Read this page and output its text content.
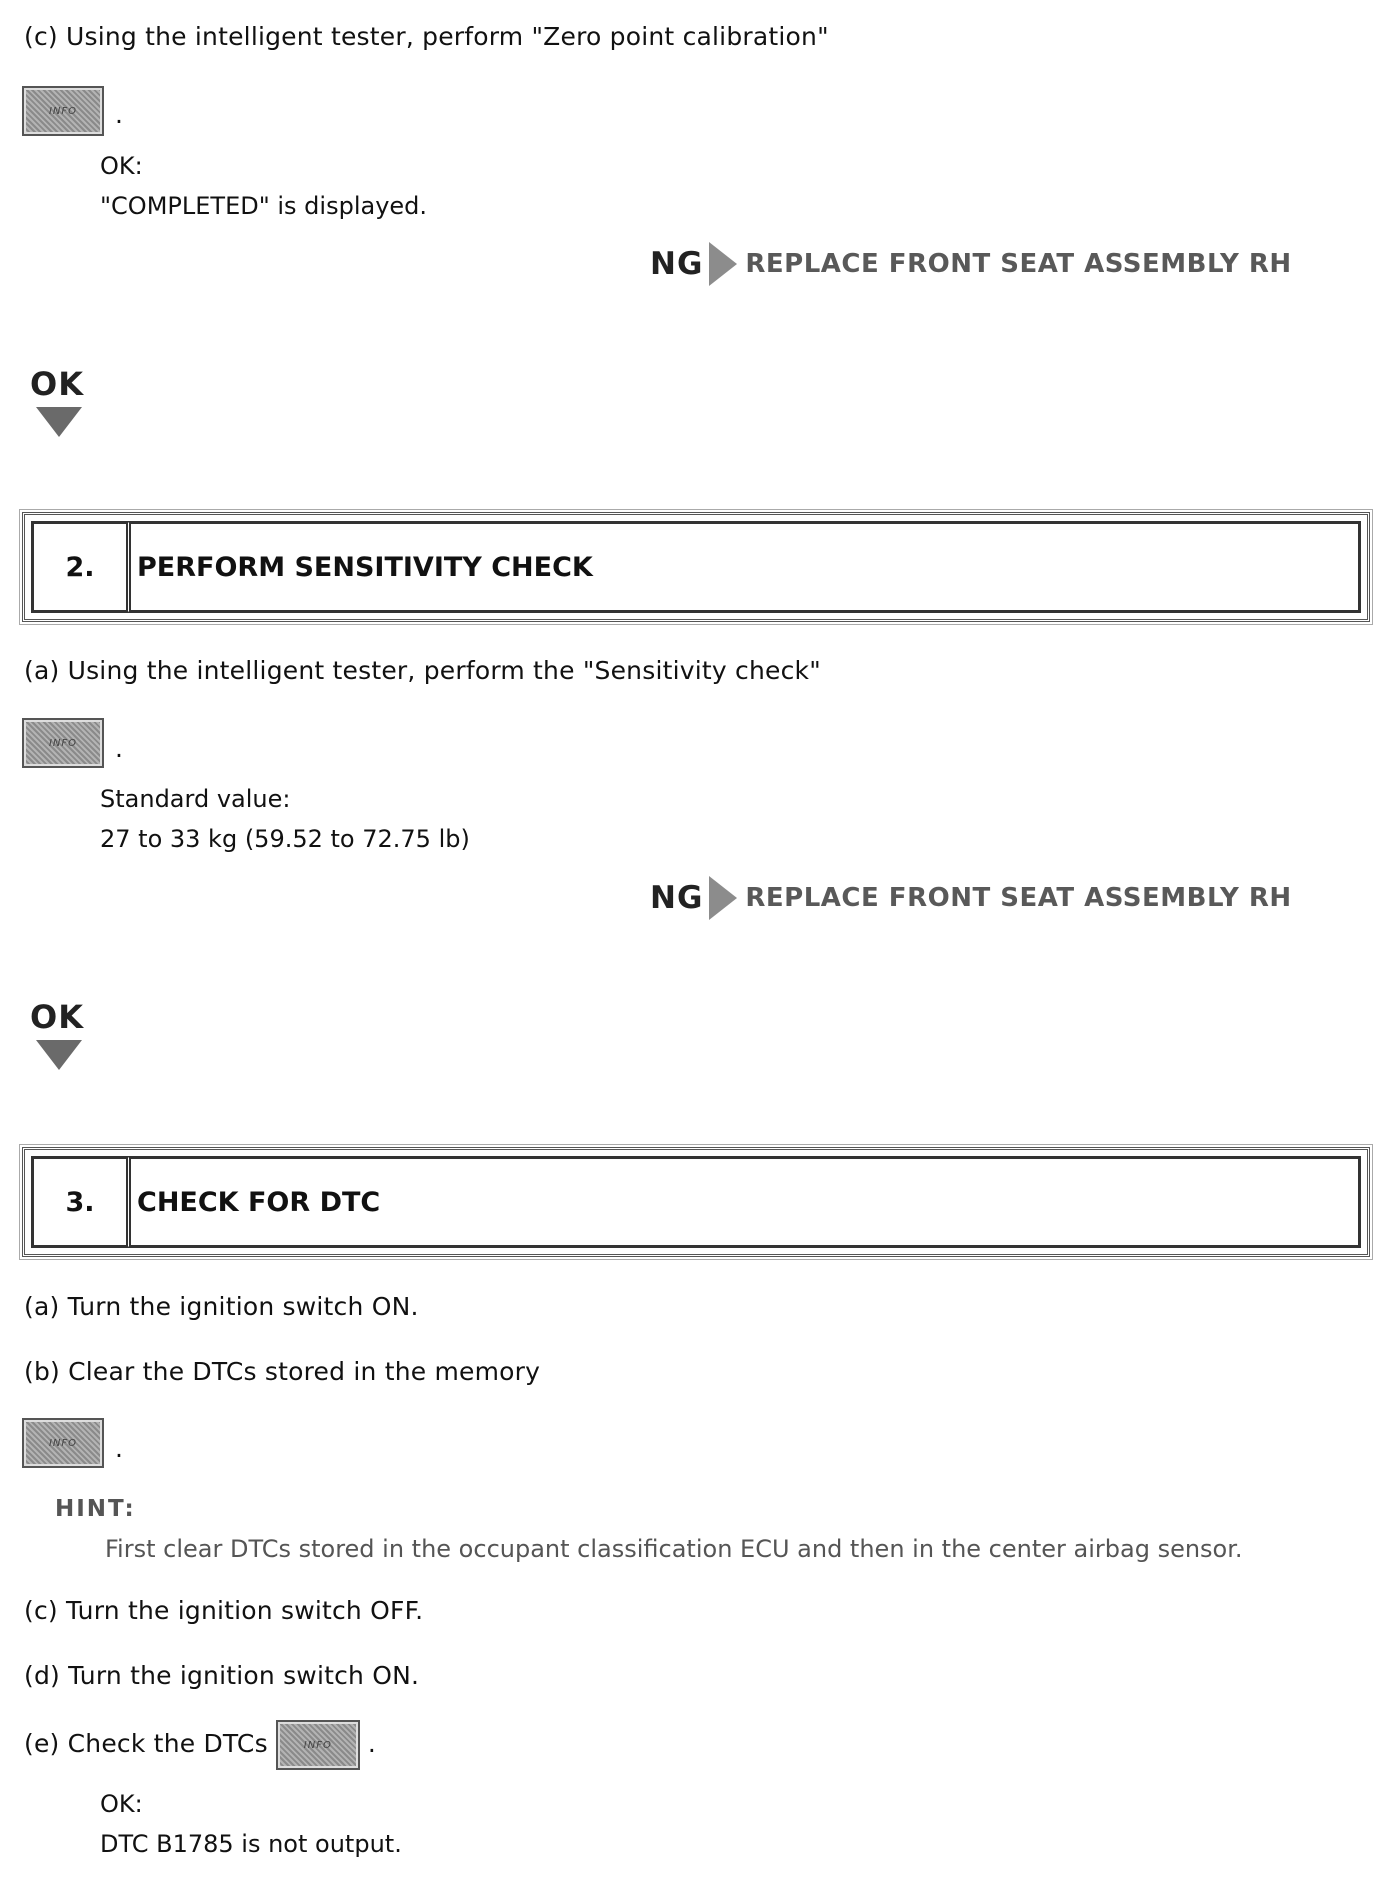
(c) Using the intelligent tester, perform "Zero point calibration"
INFO .
OK:
"COMPLETED" is displayed.
NG REPLACE FRONT SEAT ASSEMBLY RH
OK
2.	PERFORM SENSITIVITY CHECK
(a) Using the intelligent tester, perform the "Sensitivity check"
INFO .
Standard value:
27 to 33 kg (59.52 to 72.75 lb)
NG REPLACE FRONT SEAT ASSEMBLY RH
OK
3.	CHECK FOR DTC
(a) Turn the ignition switch ON.
(b) Clear the DTCs stored in the memory
INFO .
HINT:
First clear DTCs stored in the occupant classification ECU and then in the center airbag sensor.
(c) Turn the ignition switch OFF.
(d) Turn the ignition switch ON.
(e) Check the DTCs	INFO .
OK:
DTC B1785 is not output.
